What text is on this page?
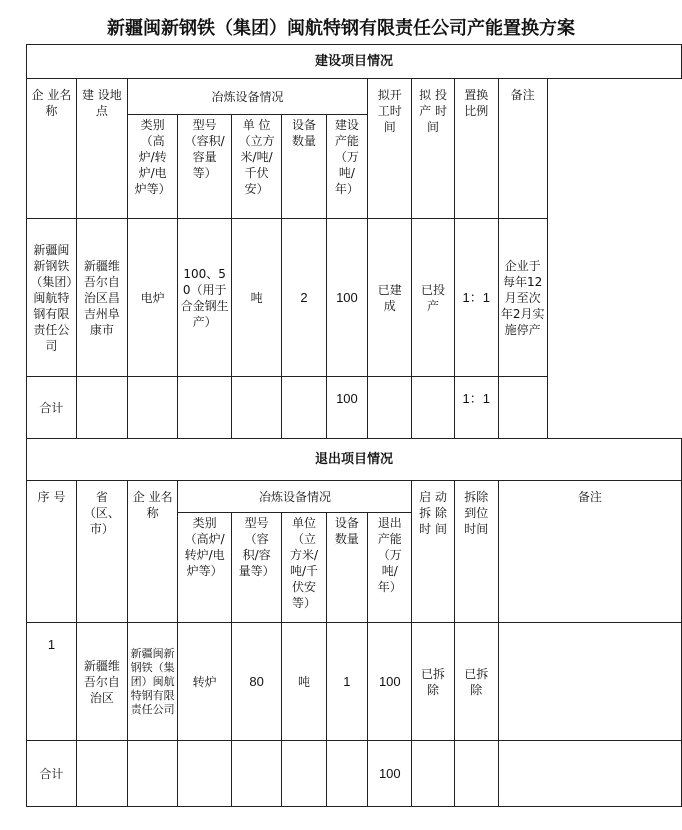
新疆闽新钢铁（集团）闽航特钢有限责任公司产能置换方案
建设项目情况										
企 业名 称	建 设地 点	冶炼设备情况					拟开工时间	拟 投产 时间	置换比例	备注
		类别（高炉/转炉/电炉等）	型号（容积/容量等）	单 位（立方米/吨/千伏安）	设备数量	建设产能（万吨/年）				
新疆闽新钢铁（集团）闽航特钢有限责任公司	新疆维吾尔自治区昌吉州阜康市	电炉	100、50（用于合金钢生产）	吨	2	100	已建成	已投产	1：1	企业于每年12月至次年2月实施停产
合计						100			1：1	
退出项目情况										
序 号	省（区、市）	企 业名称	冶炼设备情况					启 动拆 除时 间	拆除到位时间	备注
			类别（高炉/转炉/电炉等）	型号（容积/容量等）	单位（立方米/吨/千伏安等）	设备数量	退出产能（万吨/年）			
1	新疆维吾尔自治区	新疆闽新钢铁（集团）闽航特钢有限责任公司	转炉	80	吨	1	100	已拆除	已拆除	
合计							100			
